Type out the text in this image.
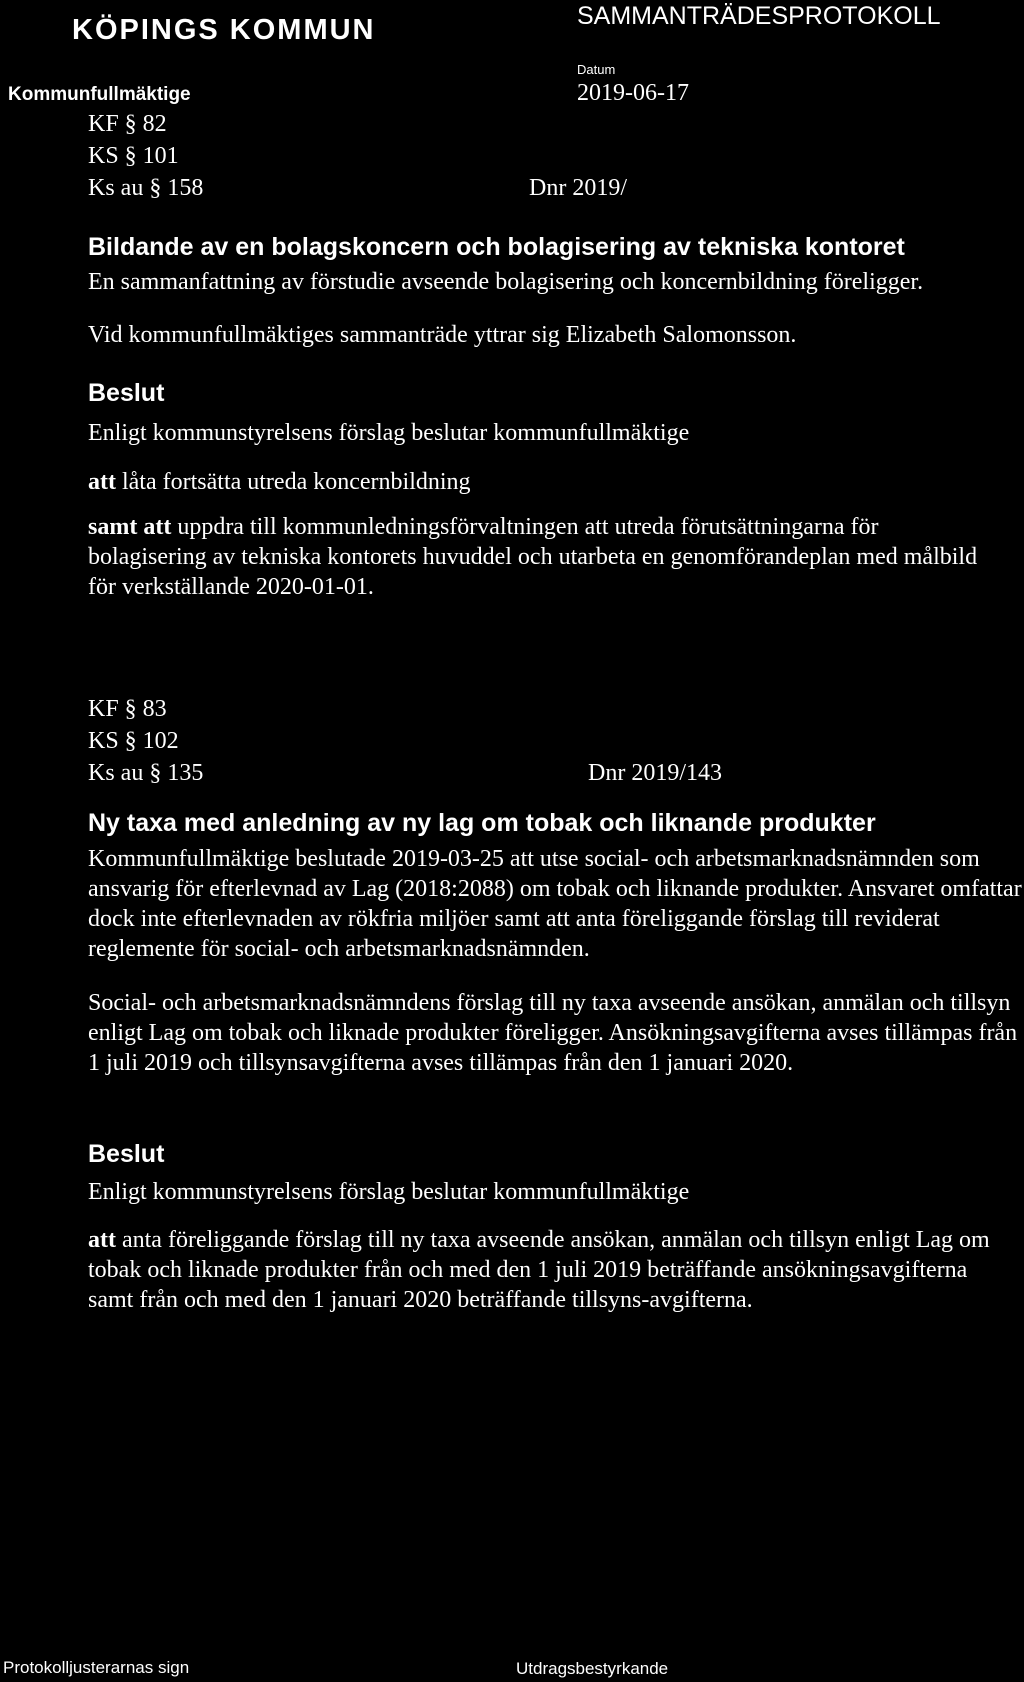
KÖPINGS KOMMUN	SAMMANTRÄDESPROTOKOLL
Datum
Kommunfullmäktige	2019-06-17
KF § 82
KS § 101
Ks au § 158	Dnr 2019/
Bildande av en bolagskoncern och bolagisering av tekniska kontoret
En sammanfattning av förstudie avseende bolagisering och koncernbildning föreligger.
Vid kommunfullmäktiges sammanträde yttrar sig Elizabeth Salomonsson.
Beslut
Enligt kommunstyrelsens förslag beslutar kommunfullmäktige
att låta fortsätta utreda koncernbildning
samt att uppdra till kommunledningsförvaltningen att utreda förutsättningarna för bolagisering av tekniska kontorets huvuddel och utarbeta en genomförandeplan med målbild för verkställande 2020-01-01.
KF § 83
KS § 102
Ks au § 135	Dnr 2019/143
Ny taxa med anledning av ny lag om tobak och liknande produkter
Kommunfullmäktige beslutade 2019-03-25 att utse social- och arbetsmarknadsnämnden som ansvarig för efterlevnad av Lag (2018:2088) om tobak och liknande produkter. Ansvaret omfattar dock inte efterlevnaden av rökfria miljöer samt att anta föreliggande förslag till reviderat reglemente för social- och arbetsmarknadsnämnden.
Social- och arbetsmarknadsnämndens förslag till ny taxa avseende ansökan, anmälan och tillsyn enligt Lag om tobak och liknade produkter föreligger. Ansökningsavgifterna avses tillämpas från 1 juli 2019 och tillsynsavgifterna avses tillämpas från den 1 januari 2020.
Beslut
Enligt kommunstyrelsens förslag beslutar kommunfullmäktige
att anta föreliggande förslag till ny taxa avseende ansökan, anmälan och tillsyn enligt Lag om tobak och liknade produkter från och med den 1 juli 2019 beträffande ansökningsavgifterna samt från och med den 1 januari 2020 beträffande tillsyns-avgifterna.
Protokolljusterarnas sign	Utdragsbestyrkande
